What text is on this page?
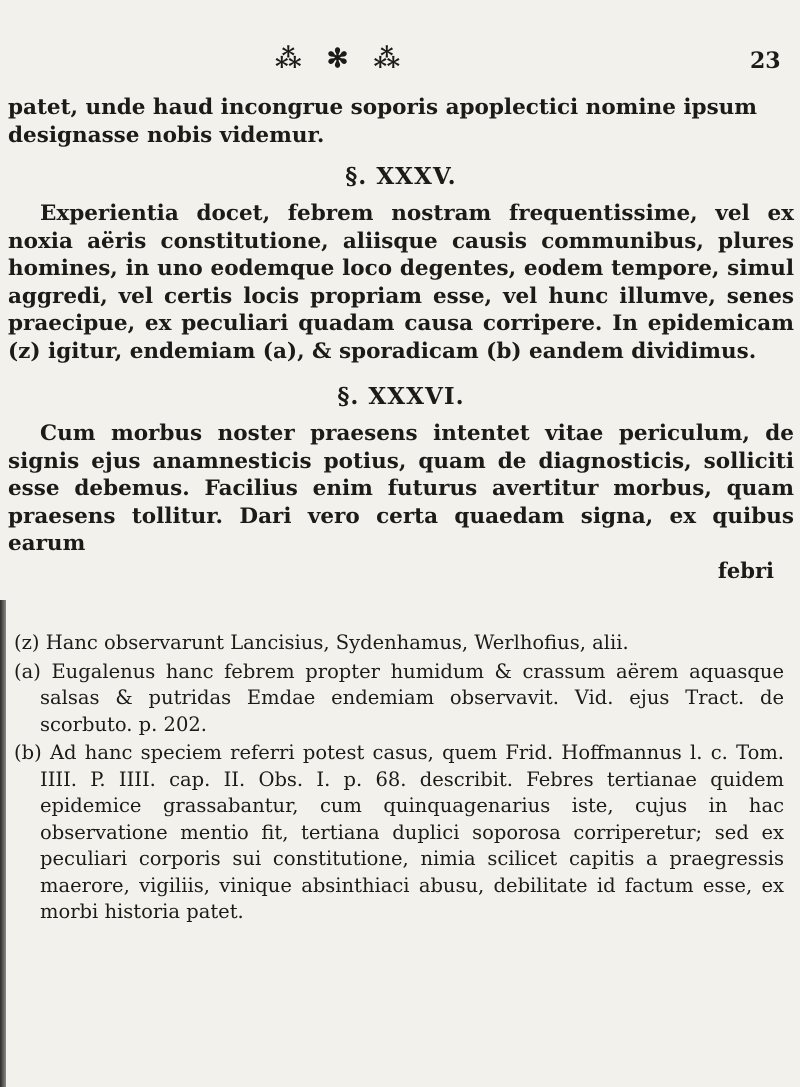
⁂ ✻ ⁂	23

patet, unde haud incongrue soporis apoplectici nomine ipsum

designasse nobis videmur.

§. XXXV.

Experientia docet, febrem nostram frequentissime, vel ex noxia aëris constitutione, aliisque causis communibus, plures homines, in uno eodemque loco degentes, eodem tempore, simul aggredi, vel certis locis propriam esse, vel hunc illumve, senes praecipue, ex peculiari quadam causa corripere. In epidemicam (z) igitur, endemiam (a), & sporadicam (b) eandem dividimus.

§. XXXVI.

Cum morbus noster praesens intentet vitae periculum, de signis ejus anamnesticis potius, quam de diagnosticis, solliciti esse debemus. Facilius enim futurus avertitur morbus, quam praesens tollitur. Dari vero certa quaedam signa, ex quibus earum

febri

(z) Hanc observarunt Lancisius, Sydenhamus, Werlhofius, alii.

(a) Eugalenus hanc febrem propter humidum & crassum aërem aquasque salsas & putridas Emdae endemiam observavit. Vid. ejus Tract. de scorbuto. p. 202.

(b) Ad hanc speciem referri potest casus, quem Frid. Hoffmannus l. c. Tom. IIII. P. IIII. cap. II. Obs. I. p. 68. describit. Febres tertianae quidem epidemice grassabantur, cum quinquagenarius iste, cujus in hac observatione mentio fit, tertiana duplici soporosa corriperetur; sed ex peculiari corporis sui constitutione, nimia scilicet capitis a praegressis maerore, vigiliis, vinique absinthiaci abusu, debilitate id factum esse, ex morbi historia patet.
